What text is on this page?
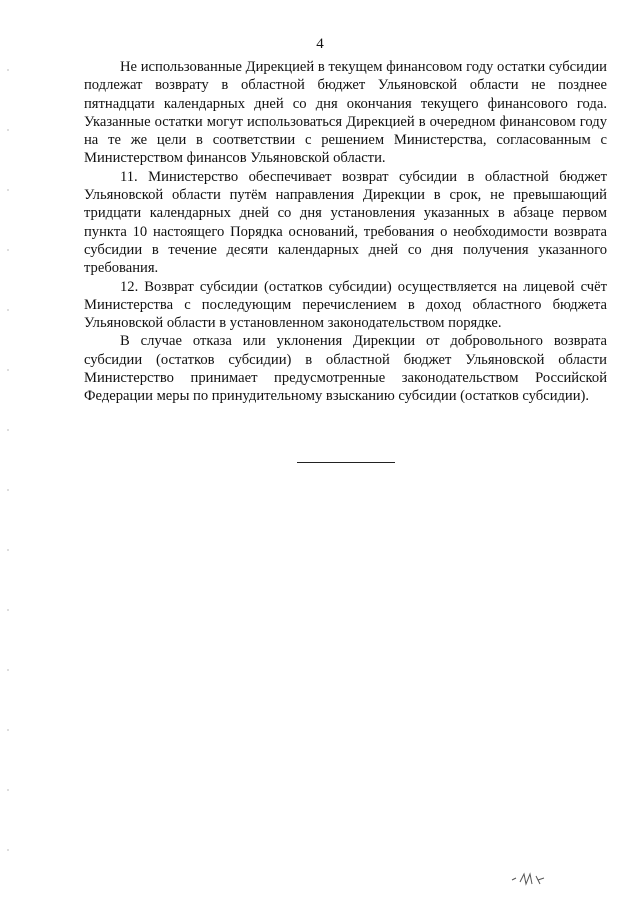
4

Не использованные Дирекцией в текущем финансовом году остатки субсидии подлежат возврату в областной бюджет Ульяновской области не позднее пятнадцати календарных дней со дня окончания текущего финансового года. Указанные остатки могут использоваться Дирекцией в очередном финансовом году на те же цели в соответствии с решением Министерства, согласованным с Министерством финансов Ульяновской области.

11. Министерство обеспечивает возврат субсидии в областной бюджет Ульяновской области путём направления Дирекции в срок, не превышающий тридцати календарных дней со дня установления указанных в абзаце первом пункта 10 настоящего Порядка оснований, требования о необходимости возврата субсидии в течение десяти календарных дней со дня получения указанного требования.

12. Возврат субсидии (остатков субсидии) осуществляется на лицевой счёт Министерства с последующим перечислением в доход областного бюджета Ульяновской области в установленном законодательством порядке.

В случае отказа или уклонения Дирекции от добровольного возврата субсидии (остатков субсидии) в областной бюджет Ульяновской области Министерство принимает предусмотренные законодательством Российской Федерации меры по принудительному взысканию субсидии (остатков субсидии).
